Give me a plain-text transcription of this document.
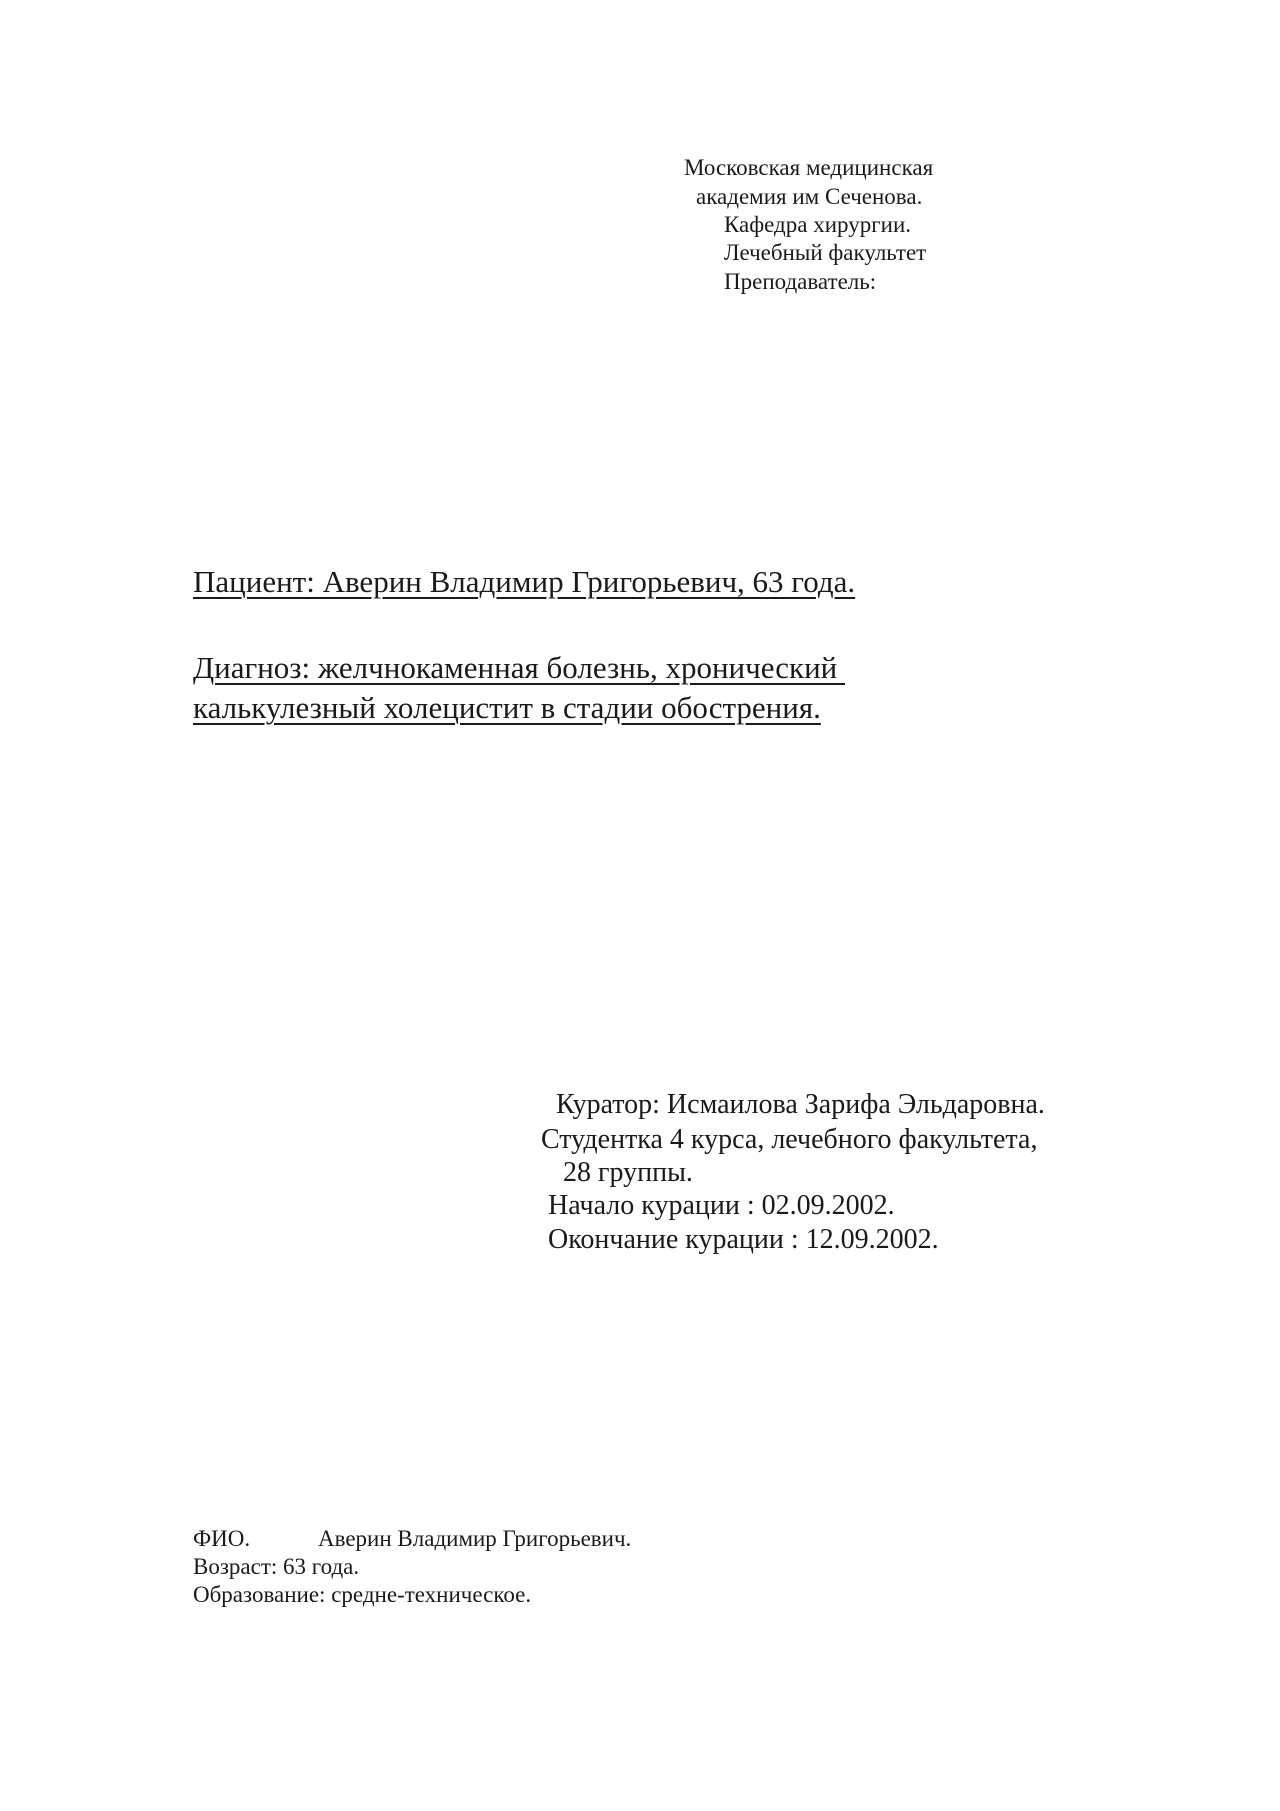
Московская медицинская
академия им Сеченова.
Кафедра хирургии.
Лечебный факультет
Преподаватель:
Пациент: Аверин Владимир Григорьевич, 63 года.
Диагноз: желчнокаменная болезнь, хронический
калькулезный холецистит в стадии обострения.
Куратор: Исмаилова Зарифа Эльдаровна.
Студентка 4 курса, лечебного факультета,
28 группы.
Начало курации : 02.09.2002.
Окончание курации : 12.09.2002.
ФИО.	Аверин Владимир Григорьевич.
Возраст: 63 года.
Образование: средне-техническое.
